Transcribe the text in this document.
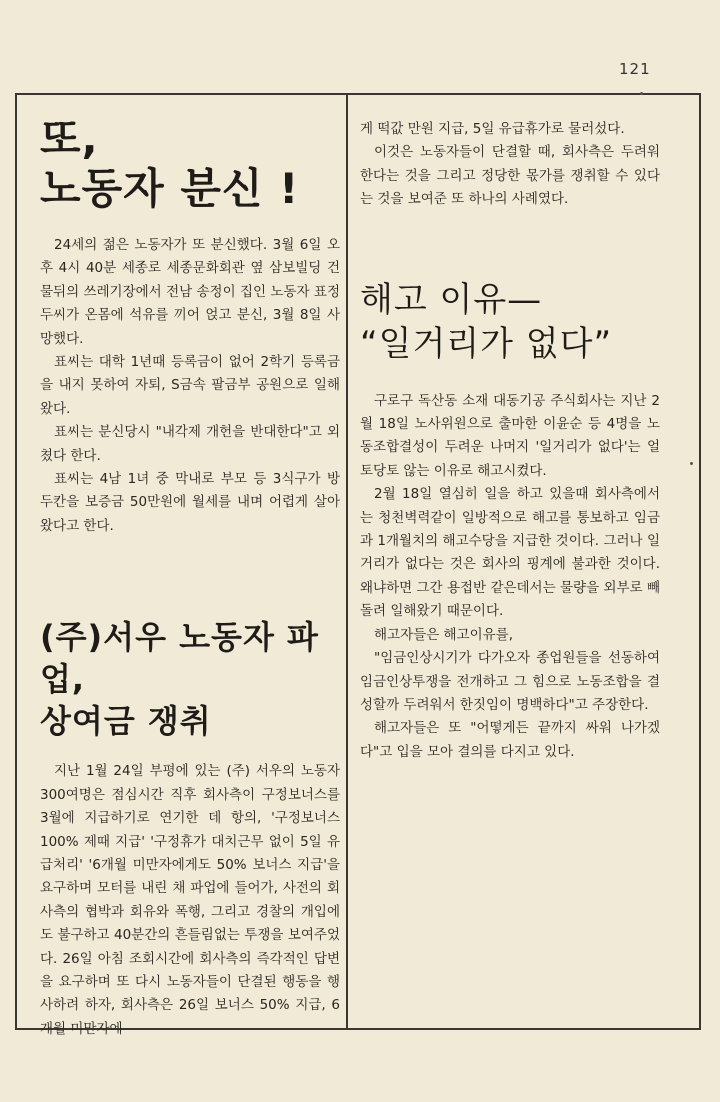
121
또,
노동자 분신 !

24세의 젊은 노동자가 또 분신했다. 3월 6일 오후 4시 40분 세종로 세종문화회관 옆 삼보빌딩 건물뒤의 쓰레기장에서 전남 송정이 집인 노동자 표정두씨가 온몸에 석유를 끼어 얹고 분신, 3월 8일 사망했다.

표씨는 대학 1년때 등록금이 없어 2학기 등록금을 내지 못하여 자퇴, S금속 팔금부 공원으로 일해왔다.

표씨는 분신당시 "내각제 개헌을 반대한다"고 외쳤다 한다.

표씨는 4남 1녀 중 막내로 부모 등 3식구가 방 두칸을 보증금 50만원에 월세를 내며 어렵게 살아왔다고 한다.

(주)서우 노동자 파업,
상여금 쟁취

지난 1월 24일 부평에 있는 (주) 서우의 노동자 300여명은 점심시간 직후 회사측이 구정보너스를 3월에 지급하기로 연기한 데 항의, '구정보너스 100% 제때 지급' '구정휴가 대치근무 없이 5일 유급처리' '6개월 미만자에게도 50% 보너스 지급'을 요구하며 모터를 내린 채 파업에 들어가, 사전의 회사측의 협박과 회유와 폭행, 그리고 경찰의 개입에도 불구하고 40분간의 흔들림없는 투쟁을 보여주었다. 26일 아침 조회시간에 회사측의 즉각적인 답변을 요구하며 또 다시 노동자들이 단결된 행동을 행사하려 하자, 회사측은 26일 보너스 50% 지급, 6개월 미만자에

게 떡값 만원 지급, 5일 유급휴가로 물러섰다.

이것은 노동자들이 단결할 때, 회사측은 두려워한다는 것을 그리고 정당한 몫가를 쟁취할 수 있다는 것을 보여준 또 하나의 사례였다.

해고 이유—
“일거리가 없다”

구로구 독산동 소재 대동기공 주식회사는 지난 2월 18일 노사위원으로 출마한 이윤순 등 4명을 노동조합결성이 두려운 나머지 '일거리가 없다'는 얼토당토 않는 이유로 해고시켰다.

2월 18일 열심히 일을 하고 있을때 회사측에서는 청천벽력같이 일방적으로 해고를 통보하고 임금과 1개월치의 해고수당을 지급한 것이다. 그러나 일거리가 없다는 것은 회사의 핑계에 불과한 것이다. 왜냐하면 그간 용접반 같은데서는 물량을 외부로 빼돌려 일해왔기 때문이다.

해고자들은 해고이유를,

"임금인상시기가 다가오자 종업원들을 선동하여 임금인상투쟁을 전개하고 그 힘으로 노동조합을 결성할까 두려워서 한짓임이 명백하다"고 주장한다.

해고자들은 또 "어떻게든 끝까지 싸워 나가겠다"고 입을 모아 결의를 다지고 있다.
